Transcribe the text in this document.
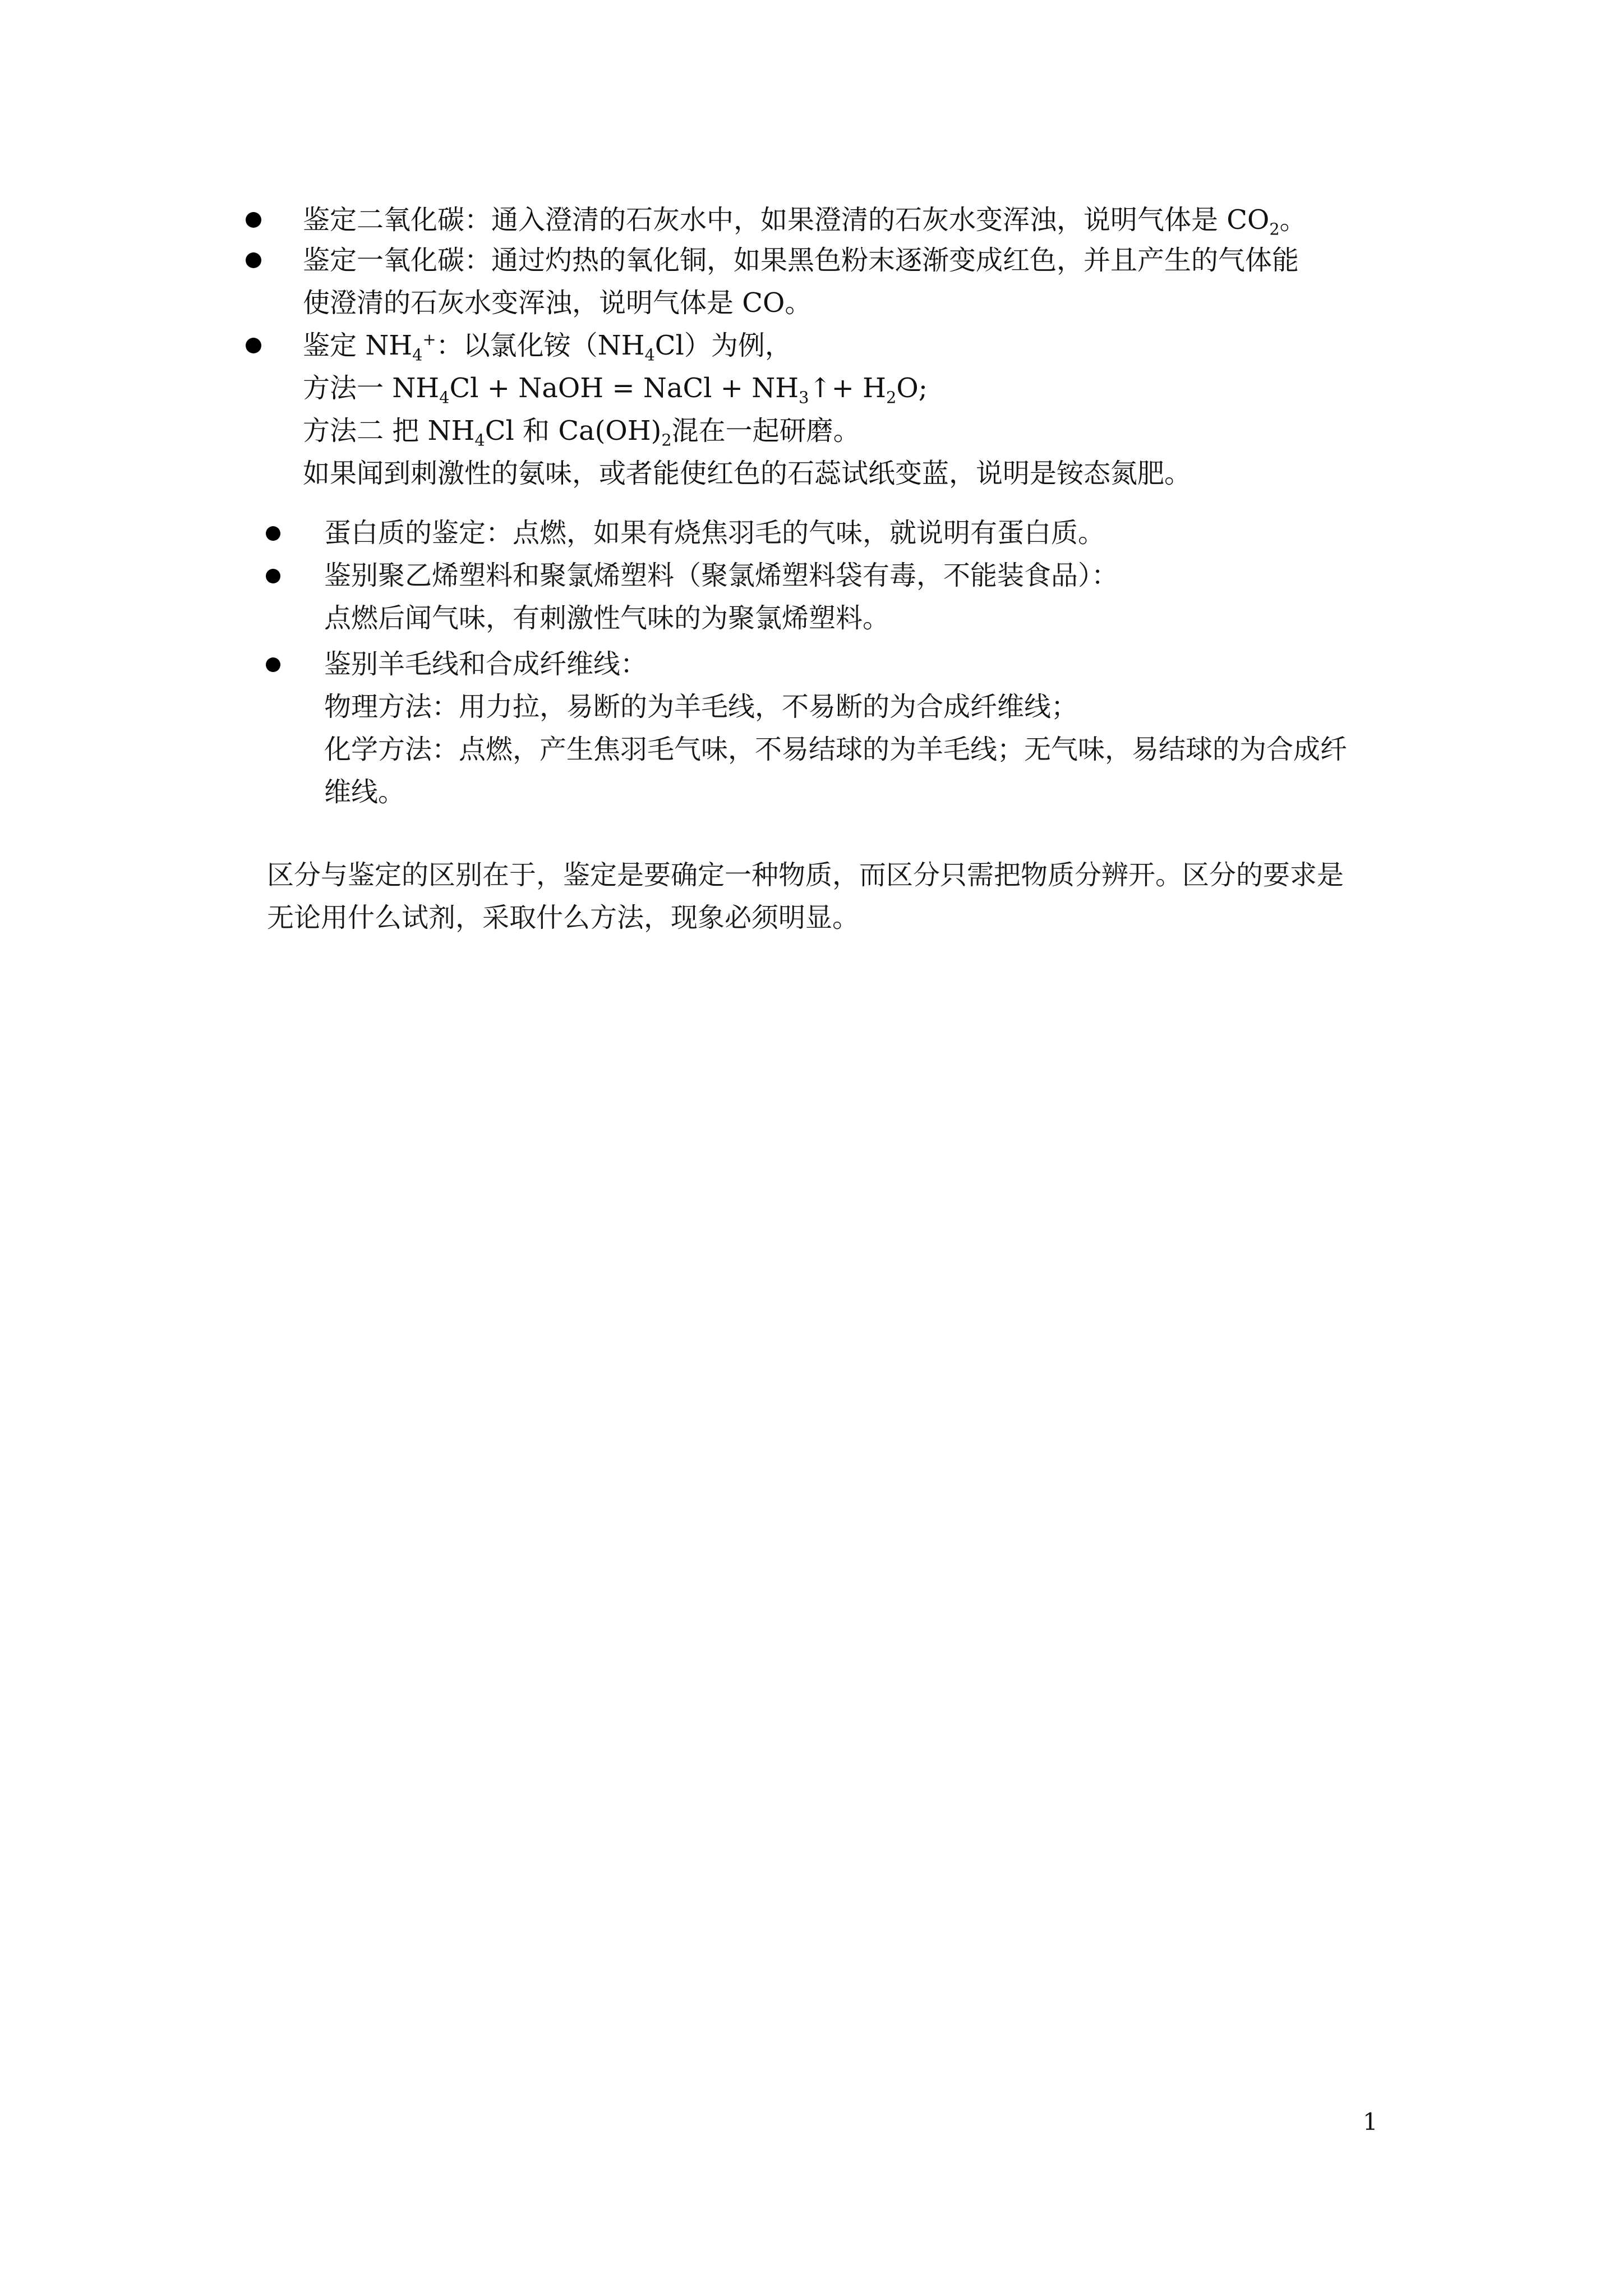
鉴定二氧化碳：通入澄清的石灰水中，如果澄清的石灰水变浑浊，说明气体是 $CO_2$。
鉴定一氧化碳：通过灼热的氧化铜，如果黑色粉末逐渐变成红色，并且产生的气体能
使澄清的石灰水变浑浊，说明气体是 CO。
鉴定 $NH_4^+$：以氯化铵$(NH_4Cl)$为例，
方法一 $NH_4Cl$ + NaOH = NaCl + $NH_3↑+ H_2O$;
方法二 把 $NH_4Cl$ 和 $Ca(OH)_2$混在一起研磨。
如果闻到刺激性的氨味，或者能使红色的石蕊试纸变蓝，说明是铵态氮肥。
蛋白质的鉴定：点燃，如果有烧焦羽毛的气味，就说明有蛋白质。
鉴别聚乙烯塑料和聚氯烯塑料（聚氯烯塑料袋有毒，不能装食品）：
点燃后闻气味，有刺激性气味的为聚氯烯塑料。
鉴别羊毛线和合成纤维线：
物理方法：用力拉，易断的为羊毛线，不易断的为合成纤维线；
化学方法：点燃，产生焦羽毛气味，不易结球的为羊毛线；无气味，易结球的为合成纤
维线。
区分与鉴定的区别在于，鉴定是要确定一种物质，而区分只需把物质分辨开。区分的要求是
无论用什么试剂，采取什么方法，现象必须明显。
1
